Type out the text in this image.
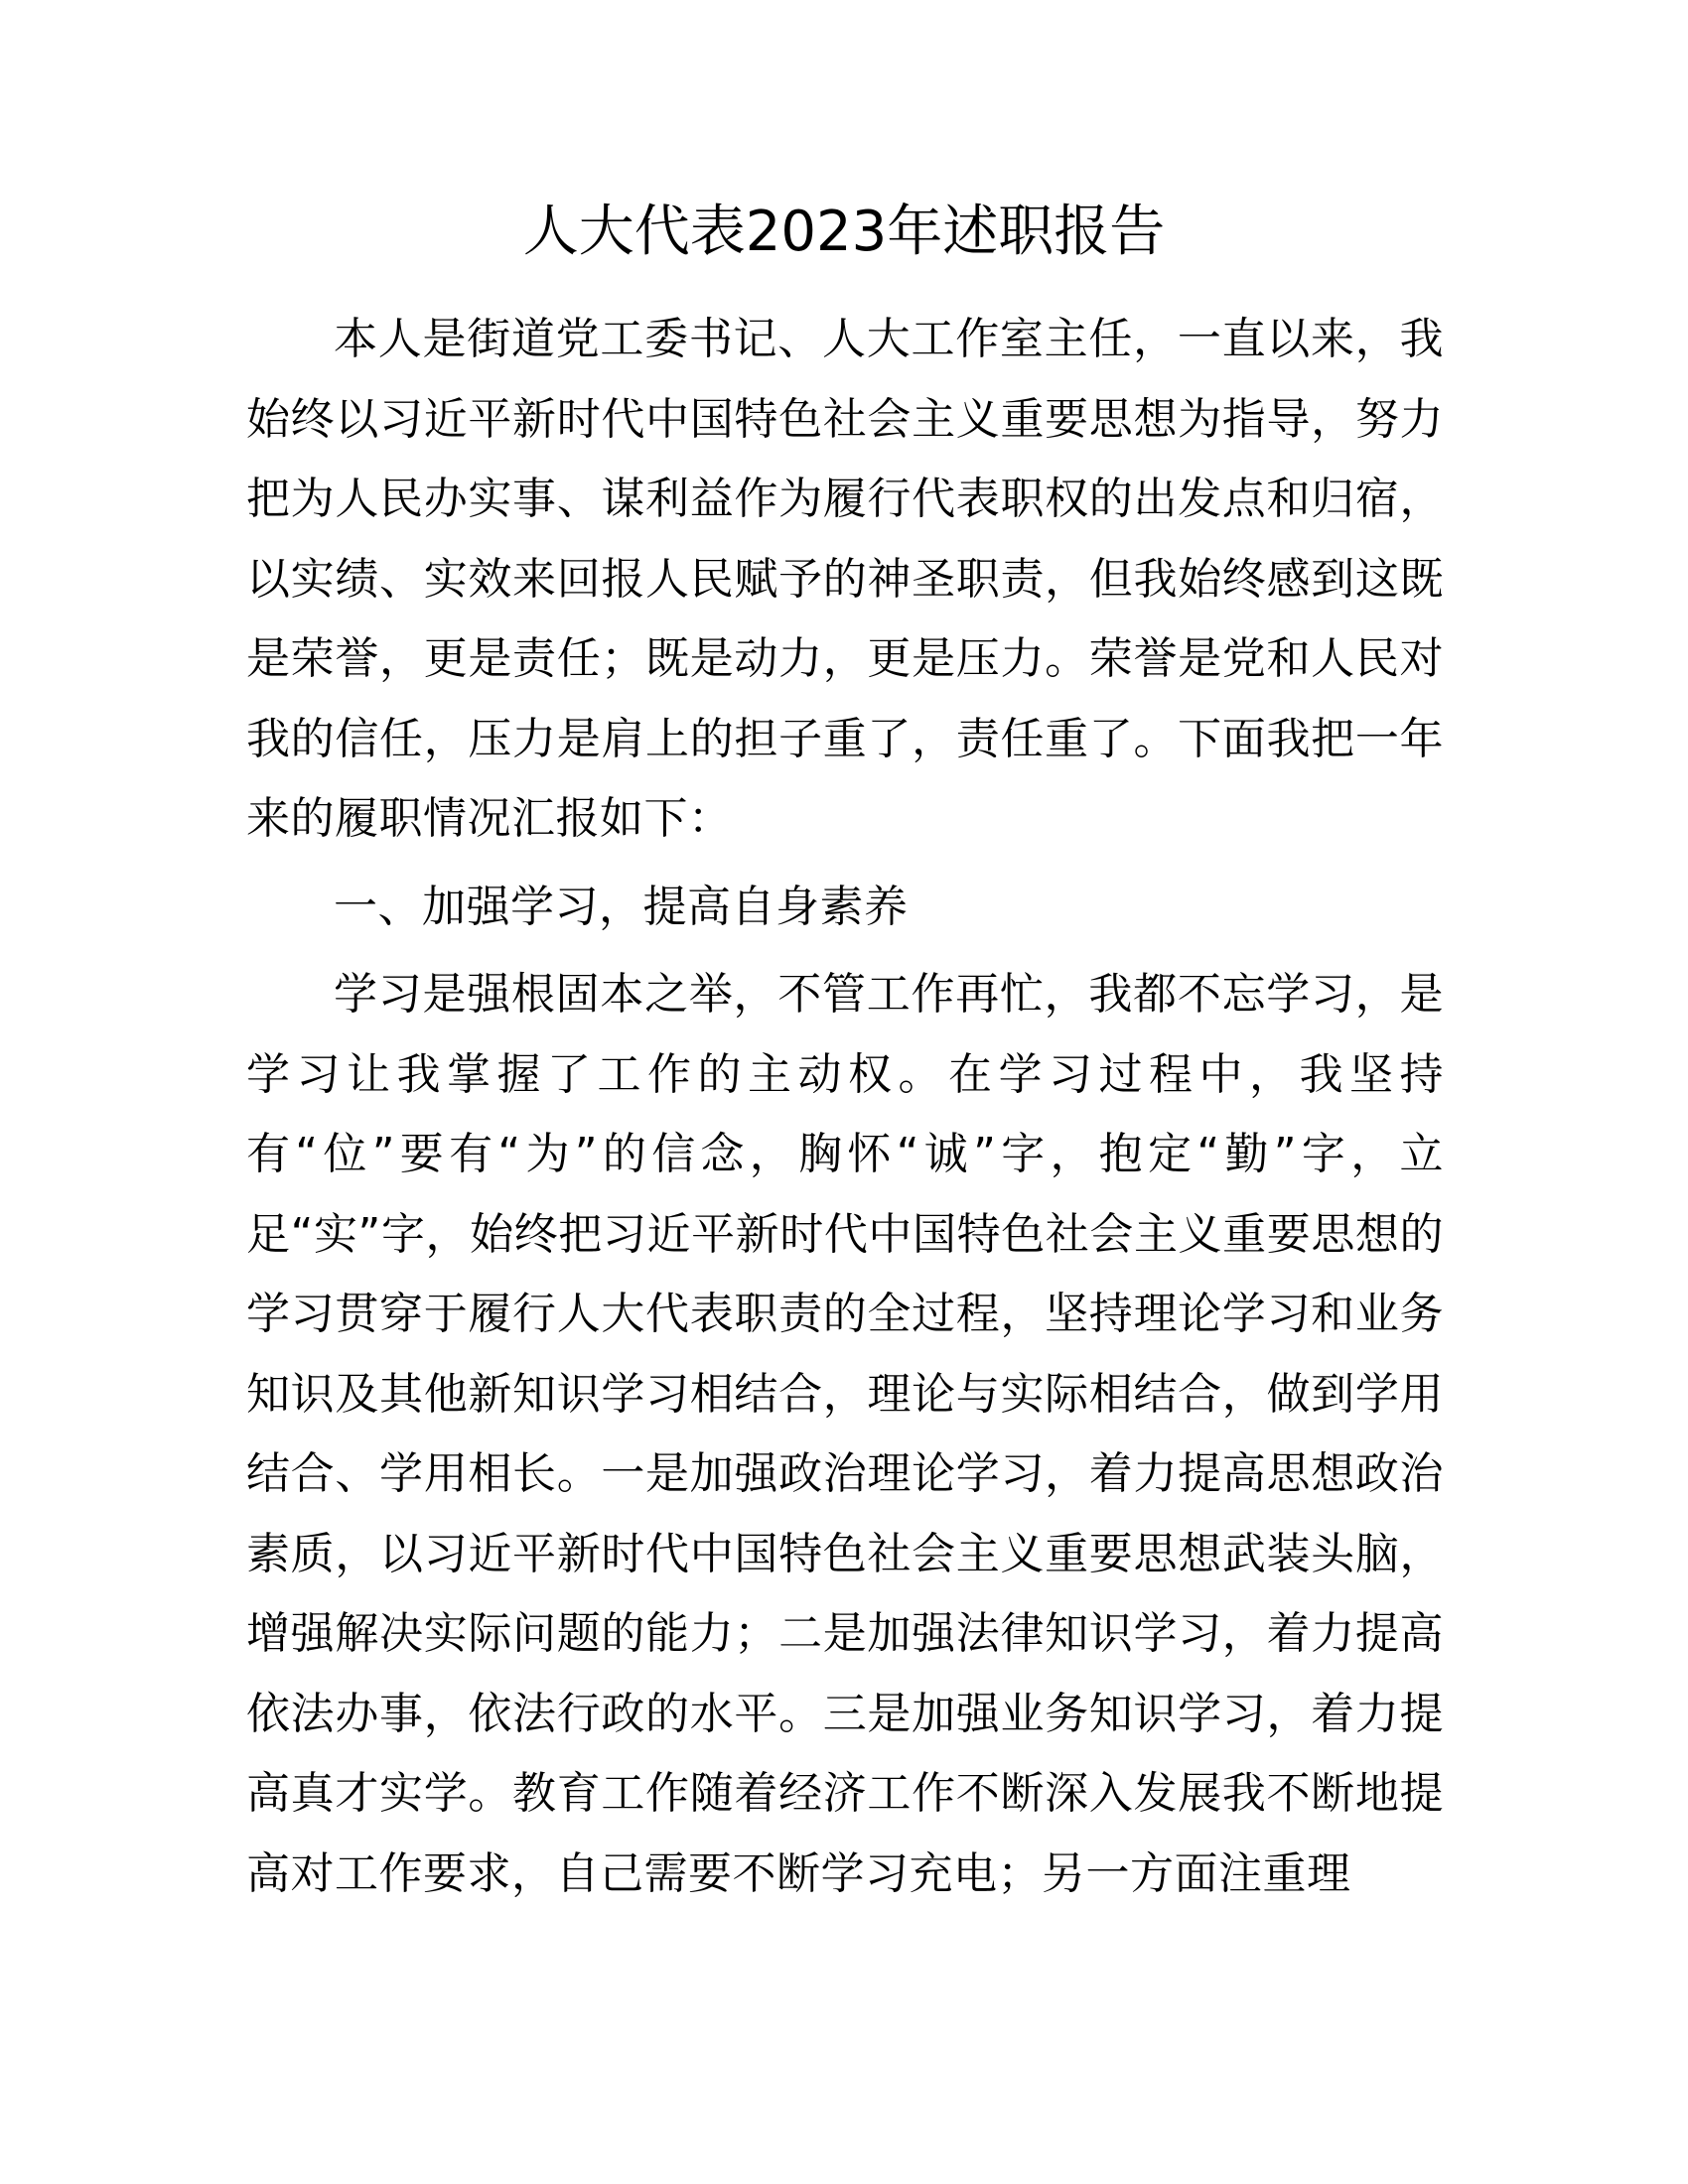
人大代表2023年述职报告

本人是街道党工委书记、人大工作室主任，一直以来，我始终以习近平新时代中国特色社会主义重要思想为指导，努力把为人民办实事、谋利益作为履行代表职权的出发点和归宿，以实绩、实效来回报人民赋予的神圣职责，但我始终感到这既是荣誉，更是责任；既是动力，更是压力。荣誉是党和人民对我的信任，压力是肩上的担子重了，责任重了。下面我把一年来的履职情况汇报如下：

一、加强学习，提高自身素养

学习是强根固本之举，不管工作再忙，我都不忘学习，是学习让我掌握了工作的主动权。在学习过程中，我坚持有“位”要有“为”的信念，胸怀“诚”字，抱定“勤”字，立足“实”字，始终把习近平新时代中国特色社会主义重要思想的学习贯穿于履行人大代表职责的全过程，坚持理论学习和业务知识及其他新知识学习相结合，理论与实际相结合，做到学用结合、学用相长。一是加强政治理论学习，着力提高思想政治素质，以习近平新时代中国特色社会主义重要思想武装头脑，增强解决实际问题的能力；二是加强法律知识学习，着力提高依法办事，依法行政的水平。三是加强业务知识学习，着力提高真才实学。教育工作随着经济工作不断深入发展我不断地提高对工作要求，自己需要不断学习充电；另一方面注重理
